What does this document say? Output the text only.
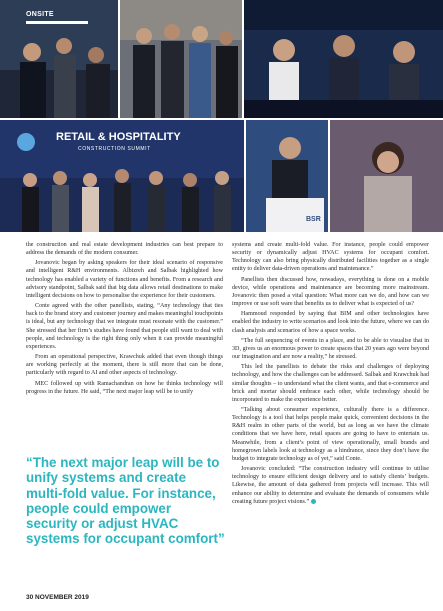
ONSITE
RETAIL & HOSPITALITY
CONSTRUCTION SUMMIT
BSR

the construction and real estate development industries can best prepare to address the demands of the modern consumer.

Jovanovic began by asking speakers for their ideal scenario of responsive and intelligent R&H environments. Albizreh and Salbak highlighted how technology has enabled a variety of functions and benefits. From a research and advisory standpoint, Salbak said that big data allows retail destinations to make intelligent decisions on how to personalise the experience for their customers.

Conte agreed with the other panellists, stating, “Any technology that ties back to the brand story and customer journey and makes meaningful touchpoints is ideal, but any technology that we integrate must resonate with the customer.” She stressed that her firm’s studies have found that people still want to deal with people, and technology is the right thing only when it can provide meaningful experiences.

From an operational perspective, Krawchuk added that even though things are working perfectly at the moment, there is still more that can be done, particularly with regard to AI and other aspects of technology.

MEC followed up with Ramachandran on how he thinks technology will progress in the future. He said, “The next major leap will be to unify

“The next major leap will be to unify systems and create multi-fold value. For instance, people could empower security or adjust HVAC systems for occupant comfort”

systems and create multi-fold value. For instance, people could empower security or dynamically adjust HVAC systems for occupant comfort. Technology can also bring physically distributed facilities together as a single entity to deliver data-driven operations and maintenance.”

Panellists then discussed how, nowadays, everything is done on a mobile device, while operations and maintenance are becoming more mainstream. Jovanovic then posed a vital question: What more can we do, and how can we improve or use soft ware that benefits us to deliver what is expected of us?

Hammoud responded by saying that BIM and other technologies have enabled the industry to write scenarios and look into the future, where we can do clash analysis and scenarios of how a space works.

“The full sequencing of events in a place, and to be able to visualise that in 3D, gives us an enormous power to create spaces that 20 years ago were beyond our imagination and are now a reality,” he stressed.

This led the panellists to debate the risks and challenges of deploying technology, and how the challenges can be addressed. Salbak and Krawchuk had similar thoughts – to understand what the client wants, and that e-commerce and brick and mortar should embrace each other, while technology should be incorporated to make the experience better.

“Talking about consumer experience, culturally there is a difference. Technology is a tool that helps people make quick, convenient decisions in the R&H realm in other parts of the world, but as long as we have the climate conditions that we have here, retail spaces are going to have to entertain us. Meanwhile, from a client’s point of view operationally, small brands and homegrown labels look at technology as a hindrance, since they don’t have the budget to integrate technology as of yet,” said Conte.

Jovanovic concluded: “The construction industry will continue to utilise technology to ensure efficient design delivery and to satisfy clients’ budgets. Likewise, the amount of data gathered from projects will increase. This will enhance our ability to determine and evaluate the demands of consumers while creating future project visions.”

30 NOVEMBER 2019
